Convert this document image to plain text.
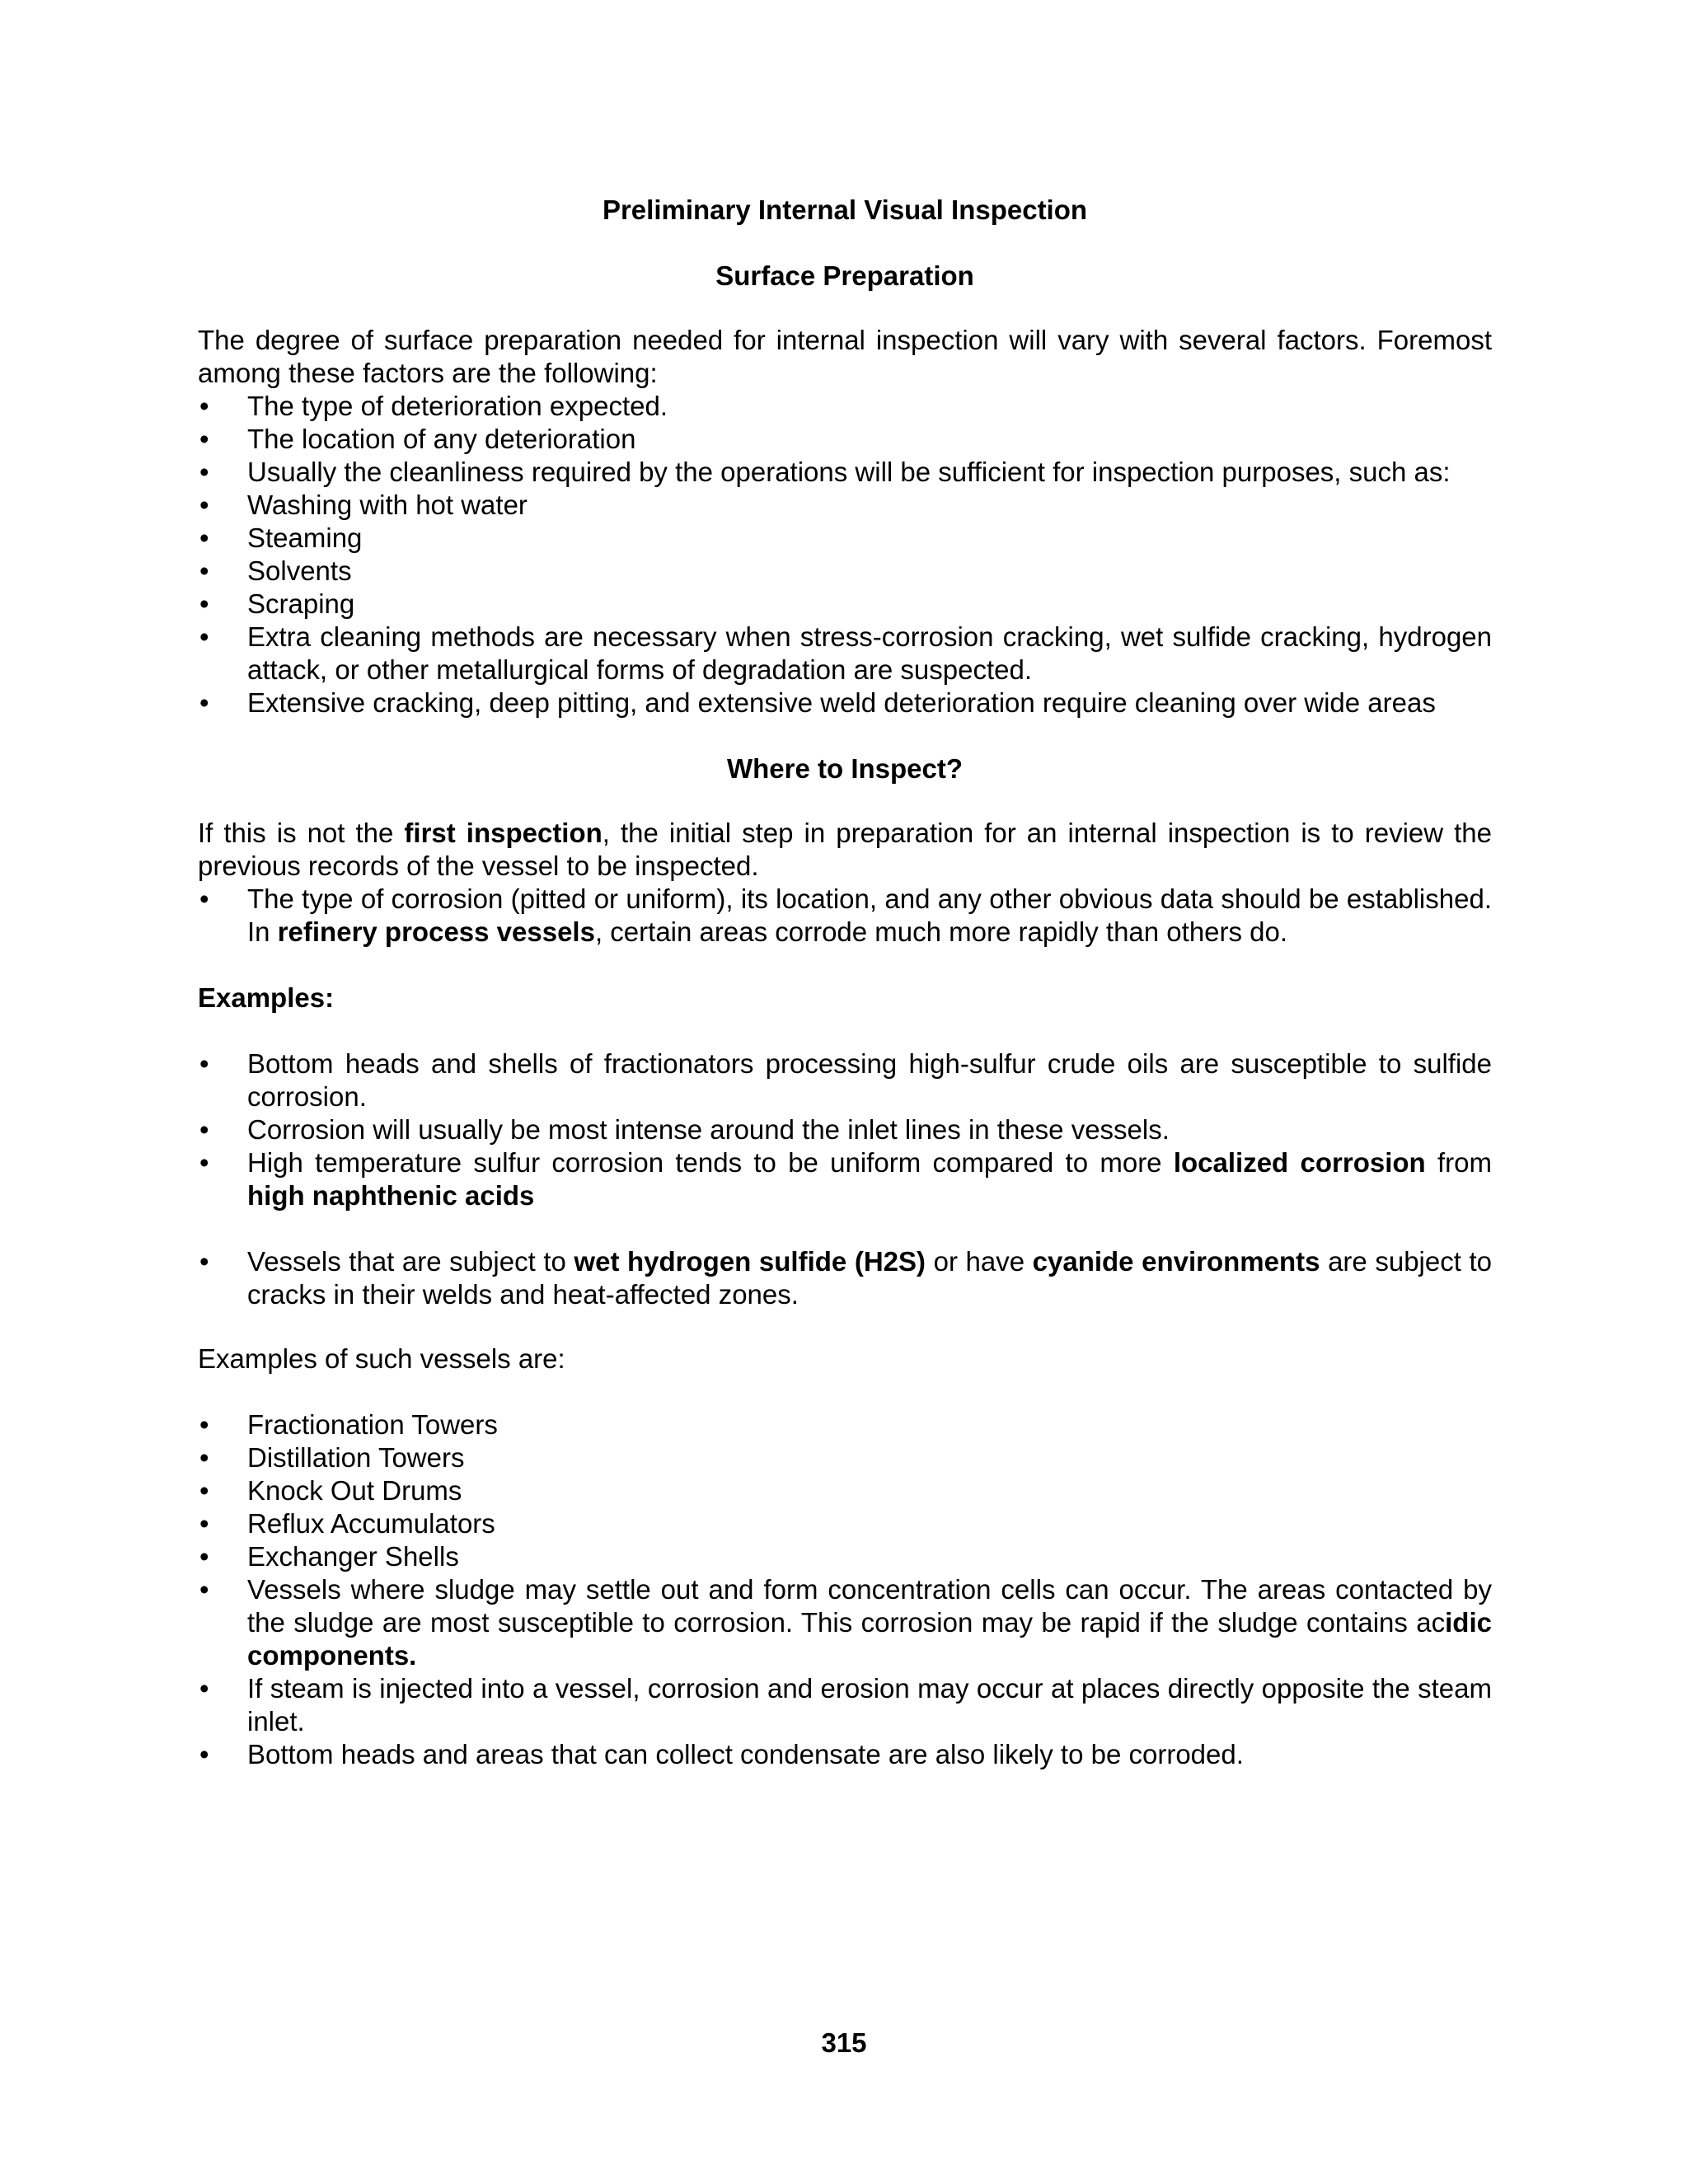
Preliminary Internal Visual Inspection

Surface Preparation

The degree of surface preparation needed for internal inspection will vary with several factors. Foremost among these factors are the following:

• The type of deterioration expected.
• The location of any deterioration
• Usually the cleanliness required by the operations will be sufficient for inspection purposes, such as:
• Washing with hot water
• Steaming
• Solvents
• Scraping
• Extra cleaning methods are necessary when stress-corrosion cracking, wet sulfide cracking, hydrogen attack, or other metallurgical forms of degradation are suspected.
• Extensive cracking, deep pitting, and extensive weld deterioration require cleaning over wide areas

Where to Inspect?

If this is not the first inspection, the initial step in preparation for an internal inspection is to review the previous records of the vessel to be inspected.

• The type of corrosion (pitted or uniform), its location, and any other obvious data should be established. In refinery process vessels, certain areas corrode much more rapidly than others do.

Examples:

• Bottom heads and shells of fractionators processing high-sulfur crude oils are susceptible to sulfide corrosion.
• Corrosion will usually be most intense around the inlet lines in these vessels.
• High temperature sulfur corrosion tends to be uniform compared to more localized corrosion from high naphthenic acids
• Vessels that are subject to wet hydrogen sulfide (H2S) or have cyanide environments are subject to cracks in their welds and heat-affected zones.

Examples of such vessels are:

• Fractionation Towers
• Distillation Towers
• Knock Out Drums
• Reflux Accumulators
• Exchanger Shells
• Vessels where sludge may settle out and form concentration cells can occur. The areas contacted by the sludge are most susceptible to corrosion. This corrosion may be rapid if the sludge contains acidic components.
• If steam is injected into a vessel, corrosion and erosion may occur at places directly opposite the steam inlet.
• Bottom heads and areas that can collect condensate are also likely to be corroded.
315
